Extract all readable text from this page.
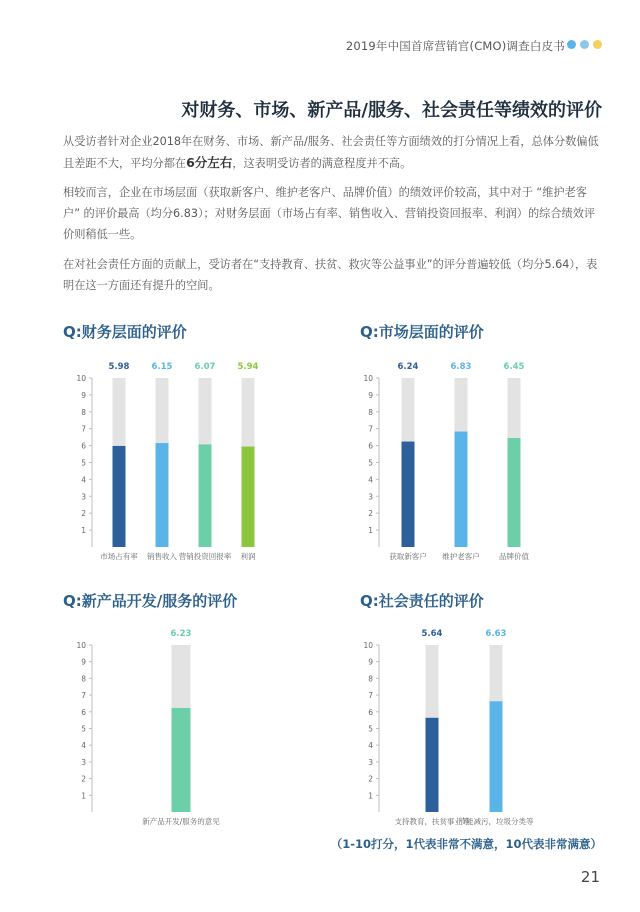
2019年中国首席营销官(CMO)调查白皮书
对财务、市场、新产品/服务、社会责任等绩效的评价

从受访者针对企业2018年在财务、市场、新产品/服务、社会责任等方面绩效的打分情况上看，总体分数偏低且差距不大，平均分都在6分左右，这表明受访者的满意程度并不高。

相较而言，企业在市场层面（获取新客户、维护老客户、品牌价值）的绩效评价较高，其中对于 “维护老客户” 的评价最高（均分6.83）；对财务层面（市场占有率、销售收入、营销投资回报率、利润）的综合绩效评价则稍低一些。

在对社会责任方面的贡献上，受访者在“支持教育、扶贫、救灾等公益事业”的评分普遍较低（均分5.64），表明在这一方面还有提升的空间。

Q:财务层面的评价
1
2
3
4
5
6
7
8
9
10
5.98
市场占有率
6.15
销售收入
6.07
营销投资回报率
5.94
利润
Q:市场层面的评价
1
2
3
4
5
6
7
8
9
10
6.24
获取新客户
6.83
维护老客户
6.45
品牌价值
Q:新产品开发/服务的评价
1
2
3
4
5
6
7
8
9
10
6.23
新产品开发/服务的意见
Q:社会责任的评价
1
2
3
4
5
6
7
8
9
10
5.64
支持教育，扶贫事业等
6.63
节能减污，垃圾分类等
（1-10打分，1代表非常不满意，10代表非常满意）
21
